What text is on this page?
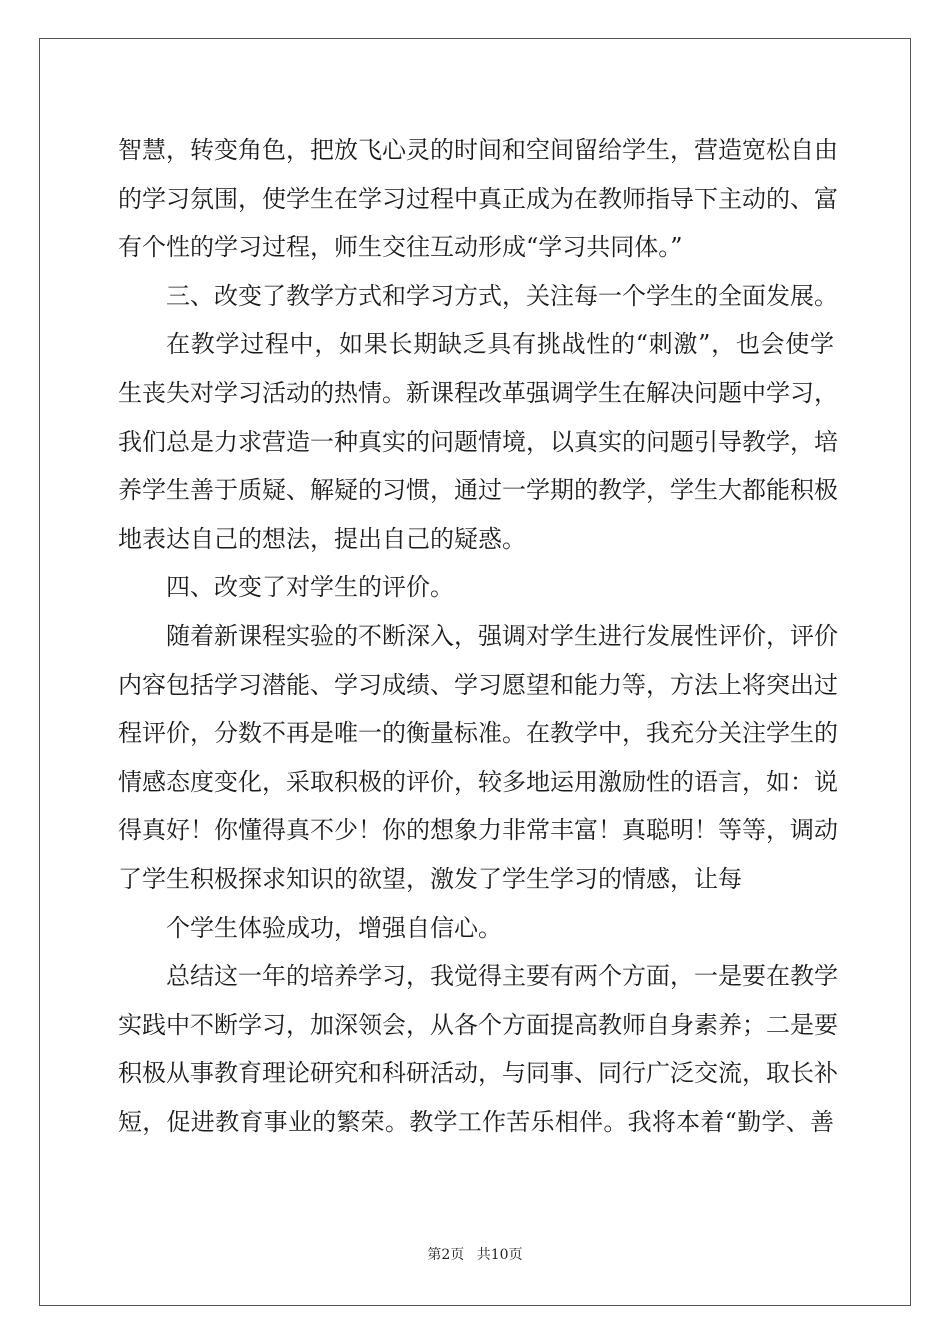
智慧，转变角色，把放飞心灵的时间和空间留给学生，营造宽松自由
的学习氛围，使学生在学习过程中真正成为在教师指导下主动的、富
有个性的学习过程，师生交往互动形成“学习共同体。”
三、改变了教学方式和学习方式，关注每一个学生的全面发展。
在教学过程中，如果长期缺乏具有挑战性的“刺激”，也会使学
生丧失对学习活动的热情。新课程改革强调学生在解决问题中学习，
我们总是力求营造一种真实的问题情境，以真实的问题引导教学，培
养学生善于质疑、解疑的习惯，通过一学期的教学，学生大都能积极
地表达自己的想法，提出自己的疑惑。
四、改变了对学生的评价。
随着新课程实验的不断深入，强调对学生进行发展性评价，评价
内容包括学习潜能、学习成绩、学习愿望和能力等，方法上将突出过
程评价，分数不再是唯一的衡量标准。在教学中，我充分关注学生的
情感态度变化，采取积极的评价，较多地运用激励性的语言，如：说
得真好！你懂得真不少！你的想象力非常丰富！真聪明！等等，调动
了学生积极探求知识的欲望，激发了学生学习的情感，让每
个学生体验成功，增强自信心。
总结这一年的培养学习，我觉得主要有两个方面，一是要在教学
实践中不断学习，加深领会，从各个方面提高教师自身素养；二是要
积极从事教育理论研究和科研活动，与同事、同行广泛交流，取长补
短，促进教育事业的繁荣。教学工作苦乐相伴。我将本着“勤学、善
第2页 共10页
